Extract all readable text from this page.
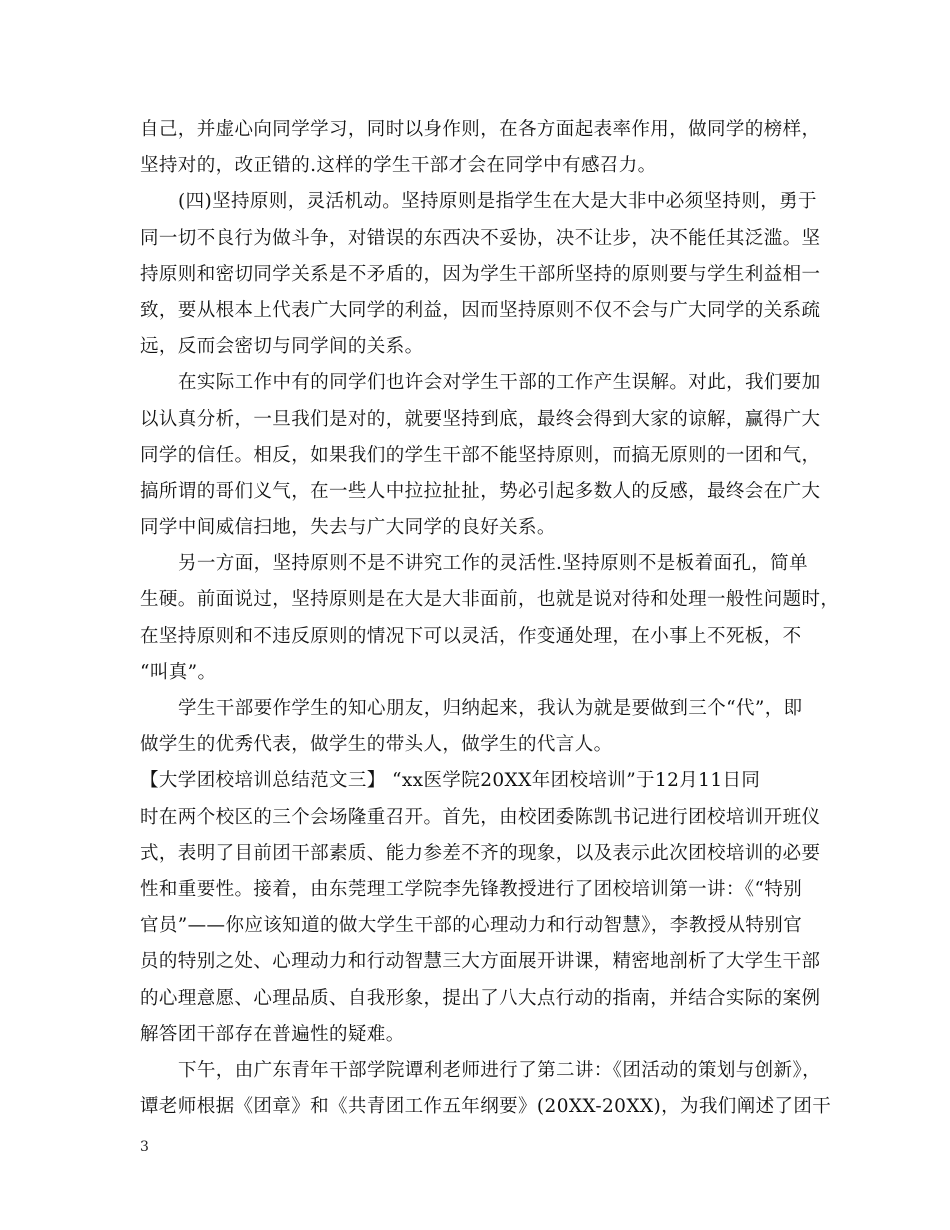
自己，并虚心向同学学习，同时以身作则，在各方面起表率作用，做同学的榜样，
坚持对的，改正错的.这样的学生干部才会在同学中有感召力。
(四)坚持原则，灵活机动。坚持原则是指学生在大是大非中必须坚持则，勇于
同一切不良行为做斗争，对错误的东西决不妥协，决不让步，决不能任其泛滥。坚
持原则和密切同学关系是不矛盾的，因为学生干部所坚持的原则要与学生利益相一
致，要从根本上代表广大同学的利益，因而坚持原则不仅不会与广大同学的关系疏
远，反而会密切与同学间的关系。
在实际工作中有的同学们也许会对学生干部的工作产生误解。对此，我们要加
以认真分析，一旦我们是对的，就要坚持到底，最终会得到大家的谅解，赢得广大
同学的信任。相反，如果我们的学生干部不能坚持原则，而搞无原则的一团和气，
搞所谓的哥们义气，在一些人中拉拉扯扯，势必引起多数人的反感，最终会在广大
同学中间威信扫地，失去与广大同学的良好关系。
另一方面，坚持原则不是不讲究工作的灵活性.坚持原则不是板着面孔，简单
生硬。前面说过，坚持原则是在大是大非面前，也就是说对待和处理一般性问题时，
在坚持原则和不违反原则的情况下可以灵活，作变通处理，在小事上不死板，不
“叫真”。
学生干部要作学生的知心朋友，归纳起来，我认为就是要做到三个“代”，即
做学生的优秀代表，做学生的带头人，做学生的代言人。
【大学团校培训总结范文三】 “xx医学院20XX年团校培训”于12月11日同
时在两个校区的三个会场隆重召开。首先，由校团委陈凯书记进行团校培训开班仪
式，表明了目前团干部素质、能力参差不齐的现象，以及表示此次团校培训的必要
性和重要性。接着，由东莞理工学院李先锋教授进行了团校培训第一讲：《“特别
官员”——你应该知道的做大学生干部的心理动力和行动智慧》，李教授从特别官
员的特别之处、心理动力和行动智慧三大方面展开讲课，精密地剖析了大学生干部
的心理意愿、心理品质、自我形象，提出了八大点行动的指南，并结合实际的案例
解答团干部存在普遍性的疑难。
下午，由广东青年干部学院谭利老师进行了第二讲：《团活动的策划与创新》，
谭老师根据《团章》和《共青团工作五年纲要》(20XX-20XX)，为我们阐述了团干
3
